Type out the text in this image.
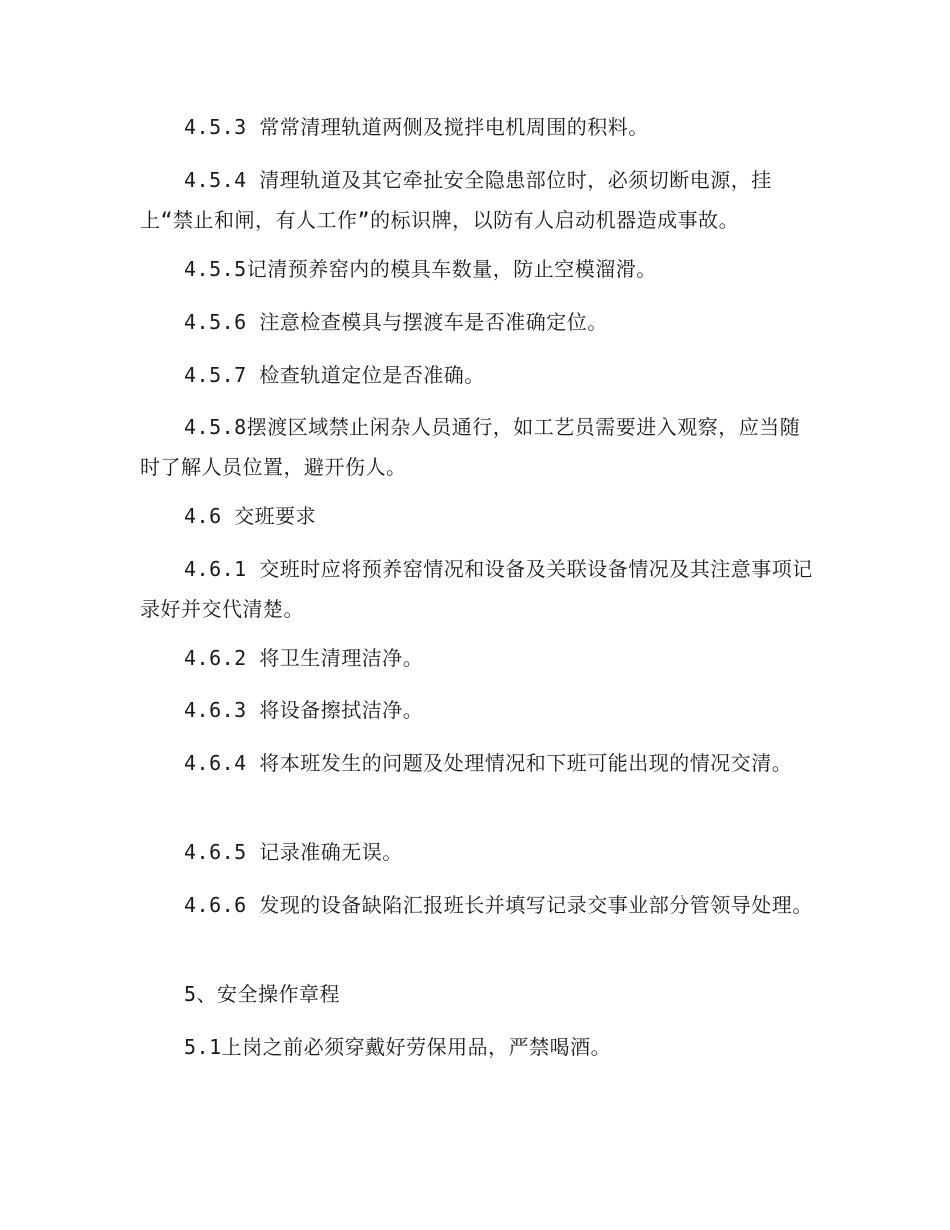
4.5.3 常常清理轨道两侧及搅拌电机周围的积料。

4.5.4 清理轨道及其它牵扯安全隐患部位时，必须切断电源，挂上“禁止和闸，有人工作”的标识牌，以防有人启动机器造成事故。

4.5.5记清预养窑内的模具车数量，防止空模溜滑。

4.5.6 注意检查模具与摆渡车是否准确定位。

4.5.7 检查轨道定位是否准确。

4.5.8摆渡区域禁止闲杂人员通行，如工艺员需要进入观察，应当随时了解人员位置，避开伤人。

4.6 交班要求

4.6.1 交班时应将预养窑情况和设备及关联设备情况及其注意事项记录好并交代清楚。

4.6.2 将卫生清理洁净。

4.6.3 将设备擦拭洁净。

4.6.4 将本班发生的问题及处理情况和下班可能出现的情况交清。

4.6.5 记录准确无误。

4.6.6 发现的设备缺陷汇报班长并填写记录交事业部分管领导处理。

5、安全操作章程

5.1上岗之前必须穿戴好劳保用品，严禁喝酒。
